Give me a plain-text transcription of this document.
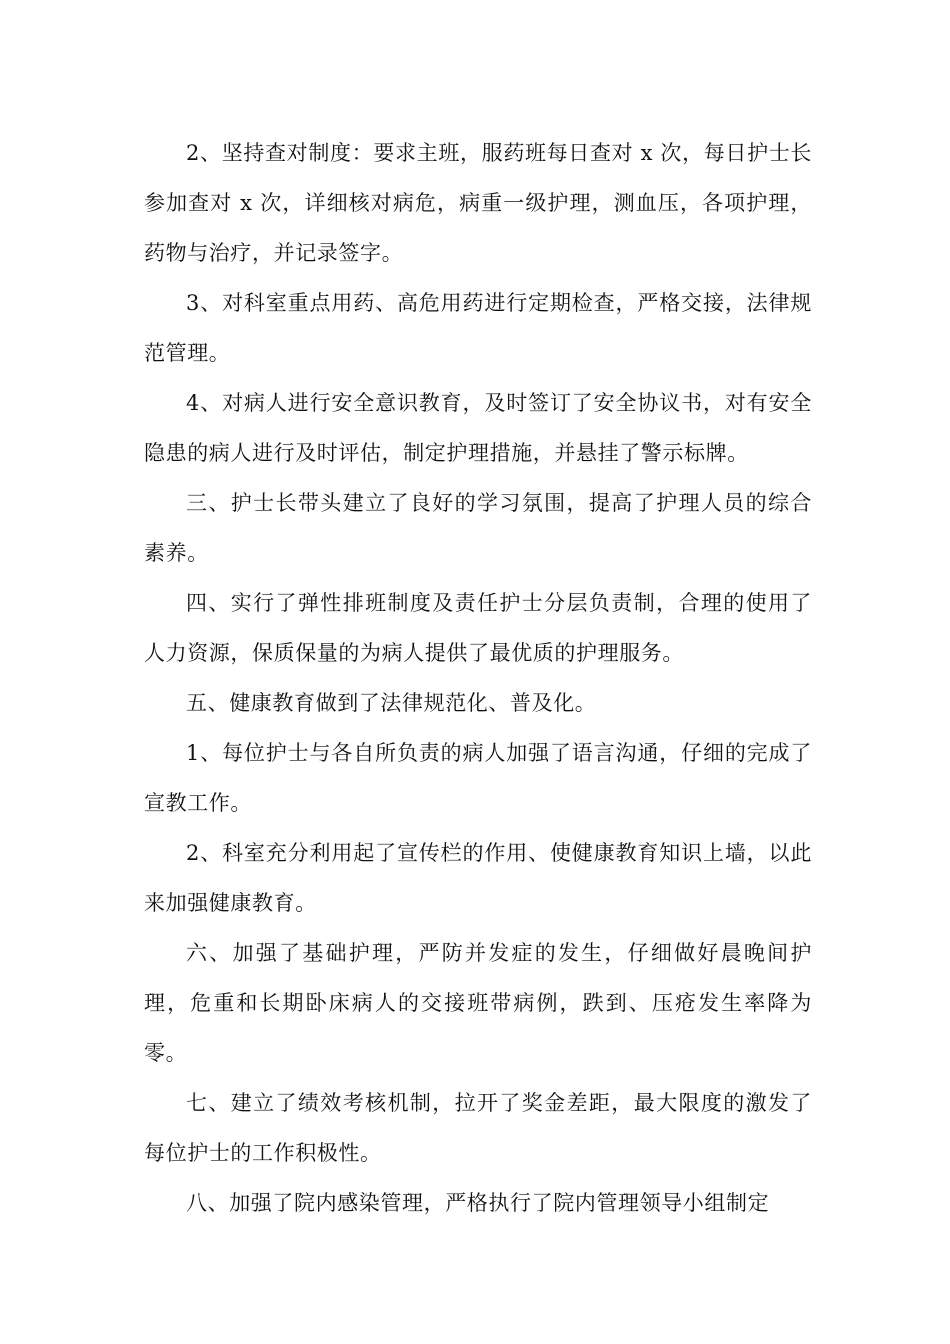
2、坚持查对制度：要求主班，服药班每日查对 x 次，每日护士长参加查对 x 次，详细核对病危，病重一级护理，测血压，各项护理，药物与治疗，并记录签字。

3、对科室重点用药、高危用药进行定期检查，严格交接，法律规范管理。

4、对病人进行安全意识教育，及时签订了安全协议书，对有安全隐患的病人进行及时评估，制定护理措施，并悬挂了警示标牌。

三、护士长带头建立了良好的学习氛围，提高了护理人员的综合素养。

四、实行了弹性排班制度及责任护士分层负责制，合理的使用了人力资源，保质保量的为病人提供了最优质的护理服务。

五、健康教育做到了法律规范化、普及化。

1、每位护士与各自所负责的病人加强了语言沟通，仔细的完成了宣教工作。

2、科室充分利用起了宣传栏的作用、使健康教育知识上墙，以此来加强健康教育。

六、加强了基础护理，严防并发症的发生，仔细做好晨晚间护理，危重和长期卧床病人的交接班带病例，跌到、压疮发生率降为零。

七、建立了绩效考核机制，拉开了奖金差距，最大限度的激发了每位护士的工作积极性。

八、加强了院内感染管理，严格执行了院内管理领导小组制定
